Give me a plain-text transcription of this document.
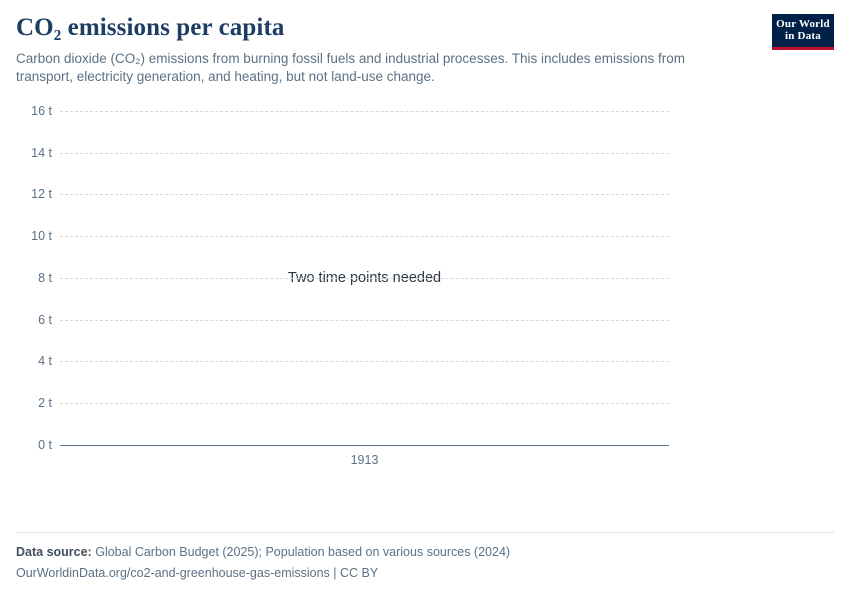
CO₂ emissions per capita

Carbon dioxide (CO₂) emissions from burning fossil fuels and industrial processes. This includes emissions from transport, electricity generation, and heating, but not land-use change.

Our World
in Data
Two time points needed
16 t
14 t
12 t
10 t
8 t
6 t
4 t
2 t
0 t
1913
Data source: Global Carbon Budget (2025); Population based on various sources (2024)
OurWorldinData.org/co2-and-greenhouse-gas-emissions | CC BY
